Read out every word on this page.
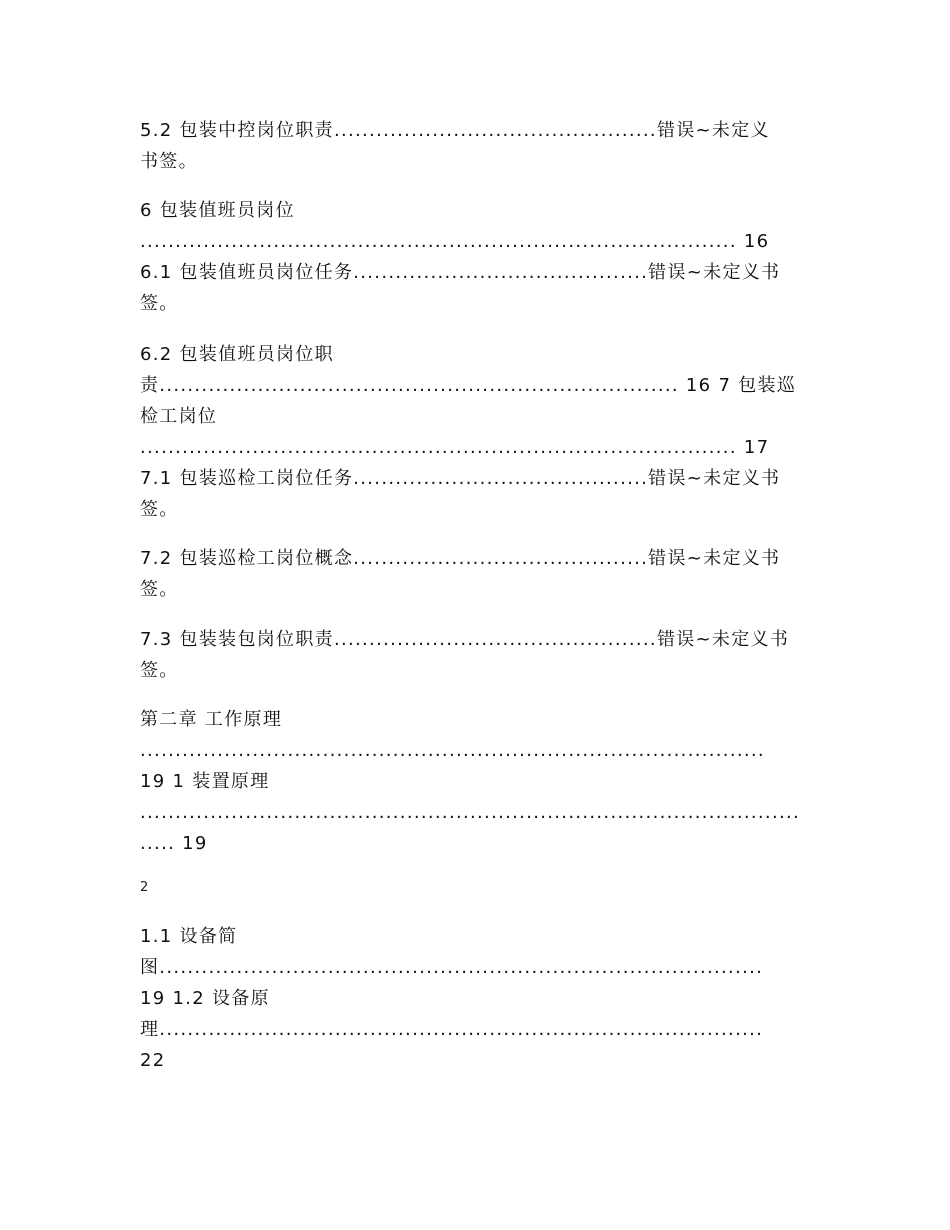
5.2 包装中控岗位职责..............................................错误~未定义
书签。
6 包装值班员岗位
..................................................................................... 16
6.1 包装值班员岗位任务..........................................错误~未定义书
签。
6.2 包装值班员岗位职
责.......................................................................... 16 7 包装巡
检工岗位
..................................................................................... 17
7.1 包装巡检工岗位任务..........................................错误~未定义书
签。
7.2 包装巡检工岗位概念..........................................错误~未定义书
签。
7.3 包装装包岗位职责..............................................错误~未定义书
签。
第二章 工作原理
.........................................................................................
19 1 装置原理
..............................................................................................
..... 19
2
1.1 设备简
图......................................................................................
19 1.2 设备原
理......................................................................................
22
